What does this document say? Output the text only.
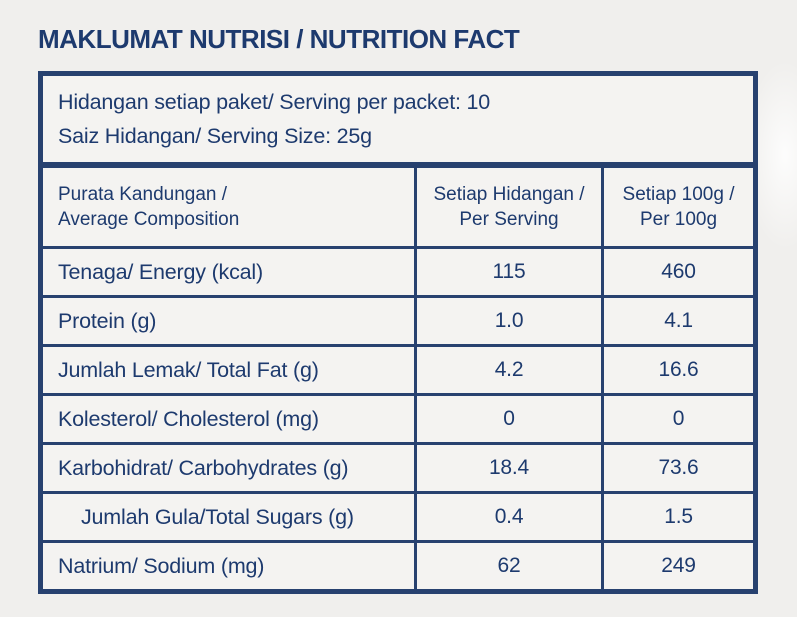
MAKLUMAT NUTRISI / NUTRITION FACT
Hidangan setiap paket/ Serving per packet: 10
Saiz Hidangan/ Serving Size: 25g		

Purata Kandungan /
Average Composition

Setiap Hidangan /
Per Serving

Setiap 100g /
Per 100g

Tenaga/ Energy (kcal)	115	460
Protein (g)	1.0	4.1
Jumlah Lemak/ Total Fat (g)	4.2	16.6
Kolesterol/ Cholesterol (mg)	0	0
Karbohidrat/ Carbohydrates (g)	18.4	73.6
Jumlah Gula/Total Sugars (g)	0.4	1.5
Natrium/ Sodium (mg)	62	249
